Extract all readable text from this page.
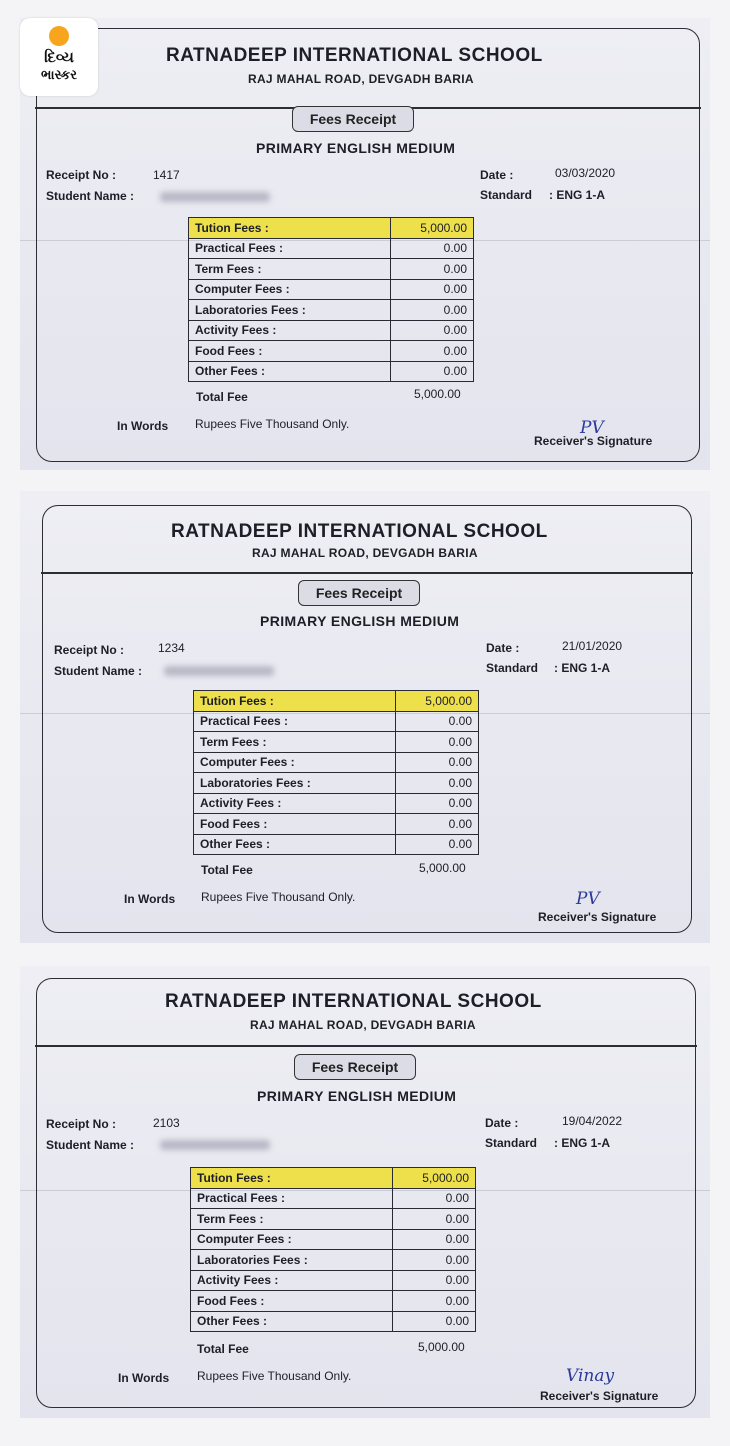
દિવ્ય
ભાસ્કર
RATNADEEP INTERNATIONAL SCHOOL
RAJ MAHAL ROAD, DEVGADH BARIA
Fees Receipt
PRIMARY ENGLISH MEDIUM
Receipt No :	1417
Student Name :
Date :	03/03/2020
Standard : ENG 1-A
Tution Fees :	5,000.00
Practical Fees :	0.00
Term Fees :	0.00
Computer Fees :	0.00
Laboratories Fees :	0.00
Activity Fees :	0.00
Food Fees :	0.00
Other Fees :	0.00
Total Fee	5,000.00
In Words Rupees Five Thousand Only.	PV
Receiver's Signature
RATNADEEP INTERNATIONAL SCHOOL
RAJ MAHAL ROAD, DEVGADH BARIA
Fees Receipt
PRIMARY ENGLISH MEDIUM
Receipt No :	1234
Student Name :
Date :	21/01/2020
Standard : ENG 1-A
Tution Fees :	5,000.00
Practical Fees :	0.00
Term Fees :	0.00
Computer Fees :	0.00
Laboratories Fees :	0.00
Activity Fees :	0.00
Food Fees :	0.00
Other Fees :	0.00
Total Fee	5,000.00
In Words Rupees Five Thousand Only.	PV
Receiver's Signature
RATNADEEP INTERNATIONAL SCHOOL
RAJ MAHAL ROAD, DEVGADH BARIA
Fees Receipt
PRIMARY ENGLISH MEDIUM
Receipt No :	2103
Student Name :
Date :	19/04/2022
Standard : ENG 1-A
Tution Fees :	5,000.00
Practical Fees :	0.00
Term Fees :	0.00
Computer Fees :	0.00
Laboratories Fees :	0.00
Activity Fees :	0.00
Food Fees :	0.00
Other Fees :	0.00
Total Fee	5,000.00
In Words Rupees Five Thousand Only.	Vinay
Receiver's Signature
